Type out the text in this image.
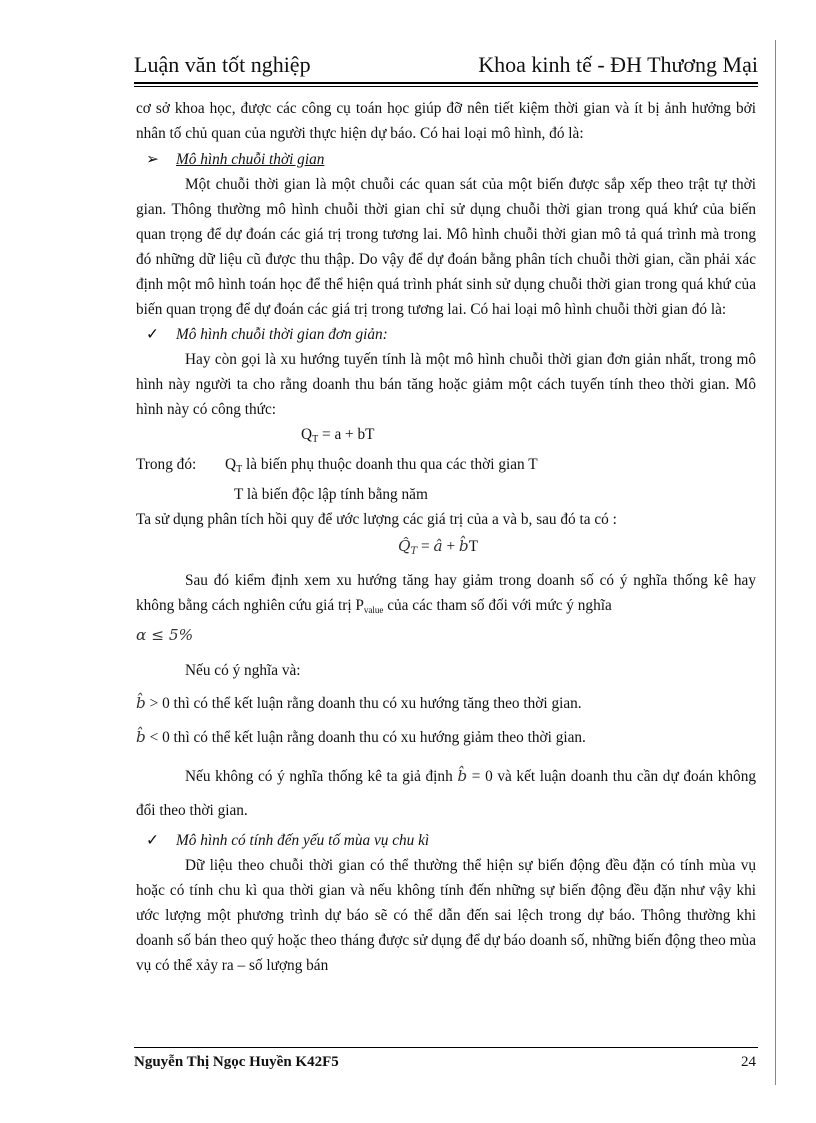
Luận văn tốt nghiệp	Khoa kinh tế - ĐH Thương Mại

cơ sở khoa học, được các công cụ toán học giúp đỡ nên tiết kiệm thời gian và ít bị ảnh hưởng bởi nhân tố chủ quan của người thực hiện dự báo. Có hai loại mô hình, đó là:

➢ Mô hình chuỗi thời gian

Một chuỗi thời gian là một chuỗi các quan sát của một biến được sắp xếp theo trật tự thời gian. Thông thường mô hình chuỗi thời gian chỉ sử dụng chuỗi thời gian trong quá khứ của biến quan trọng để dự đoán các giá trị trong tương lai. Mô hình chuỗi thời gian mô tả quá trình mà trong đó những dữ liệu cũ được thu thập. Do vậy để dự đoán bằng phân tích chuỗi thời gian, cần phải xác định một mô hình toán học để thể hiện quá trình phát sinh sử dụng chuỗi thời gian trong quá khứ của biến quan trọng để dự đoán các giá trị trong tương lai. Có hai loại mô hình chuỗi thời gian đó là:

✓ Mô hình chuỗi thời gian đơn giản:

Hay còn gọi là xu hướng tuyến tính là một mô hình chuỗi thời gian đơn giản nhất, trong mô hình này người ta cho rằng doanh thu bán tăng hoặc giảm một cách tuyến tính theo thời gian. Mô hình này có công thức:

$Q_T = a$ + bT

Trong đó: $Q_T$ là biến phụ thuộc doanh thu qua các thời gian T

T là biến độc lập tính bằng năm

Ta sử dụng phân tích hồi quy để ước lượng các giá trị của a và b, sau đó ta có :

$Q̂_T$ = â + b̂T

Sau đó kiểm định xem xu hướng tăng hay giảm trong doanh số có ý nghĩa thống kê hay không bằng cách nghiên cứu giá trị Pvalue của các tham số đối với mức ý nghĩa
α ≤ 5%

Nếu có ý nghĩa và:

b̂ > 0 thì có thể kết luận rằng doanh thu có xu hướng tăng theo thời gian.

b̂ < 0 thì có thể kết luận rằng doanh thu có xu hướng giảm theo thời gian.

Nếu không có ý nghĩa thống kê ta giả định b̂ = 0 và kết luận doanh thu cần dự đoán không đổi theo thời gian.

✓ Mô hình có tính đến yếu tố mùa vụ chu kì

Dữ liệu theo chuỗi thời gian có thể thường thể hiện sự biến động đều đặn có tính mùa vụ hoặc có tính chu kì qua thời gian và nếu không tính đến những sự biến động đều đặn như vậy khi ước lượng một phương trình dự báo sẽ có thể dẫn đến sai lệch trong dự báo. Thông thường khi doanh số bán theo quý hoặc theo tháng được sử dụng để dự báo doanh số, những biến động theo mùa vụ có thể xảy ra – số lượng bán

Nguyễn Thị Ngọc Huyền K42F5	24
